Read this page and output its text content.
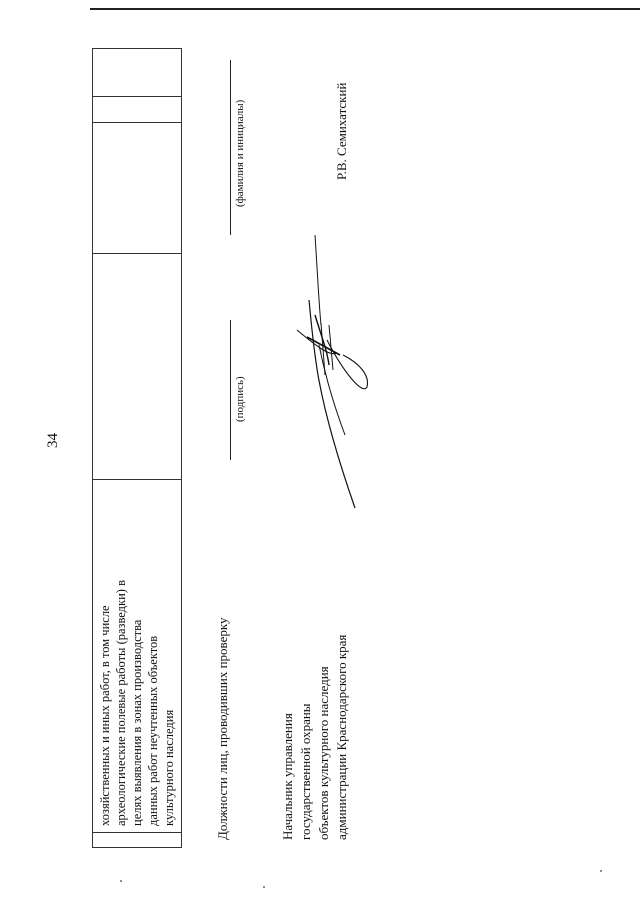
34

хозяйственных и иных работ, в том числе археологические полевые работы (разведки) в целях выявления в зонах производства данных работ неучтенных объектов культурного наследия
					Должности лиц, проводивших проверку
(подпись)
(фамилия и инициалы)
Начальник управления государственной охраны объектов культурного наследия администрации Краснодарского края
Р.В. Семихатский
